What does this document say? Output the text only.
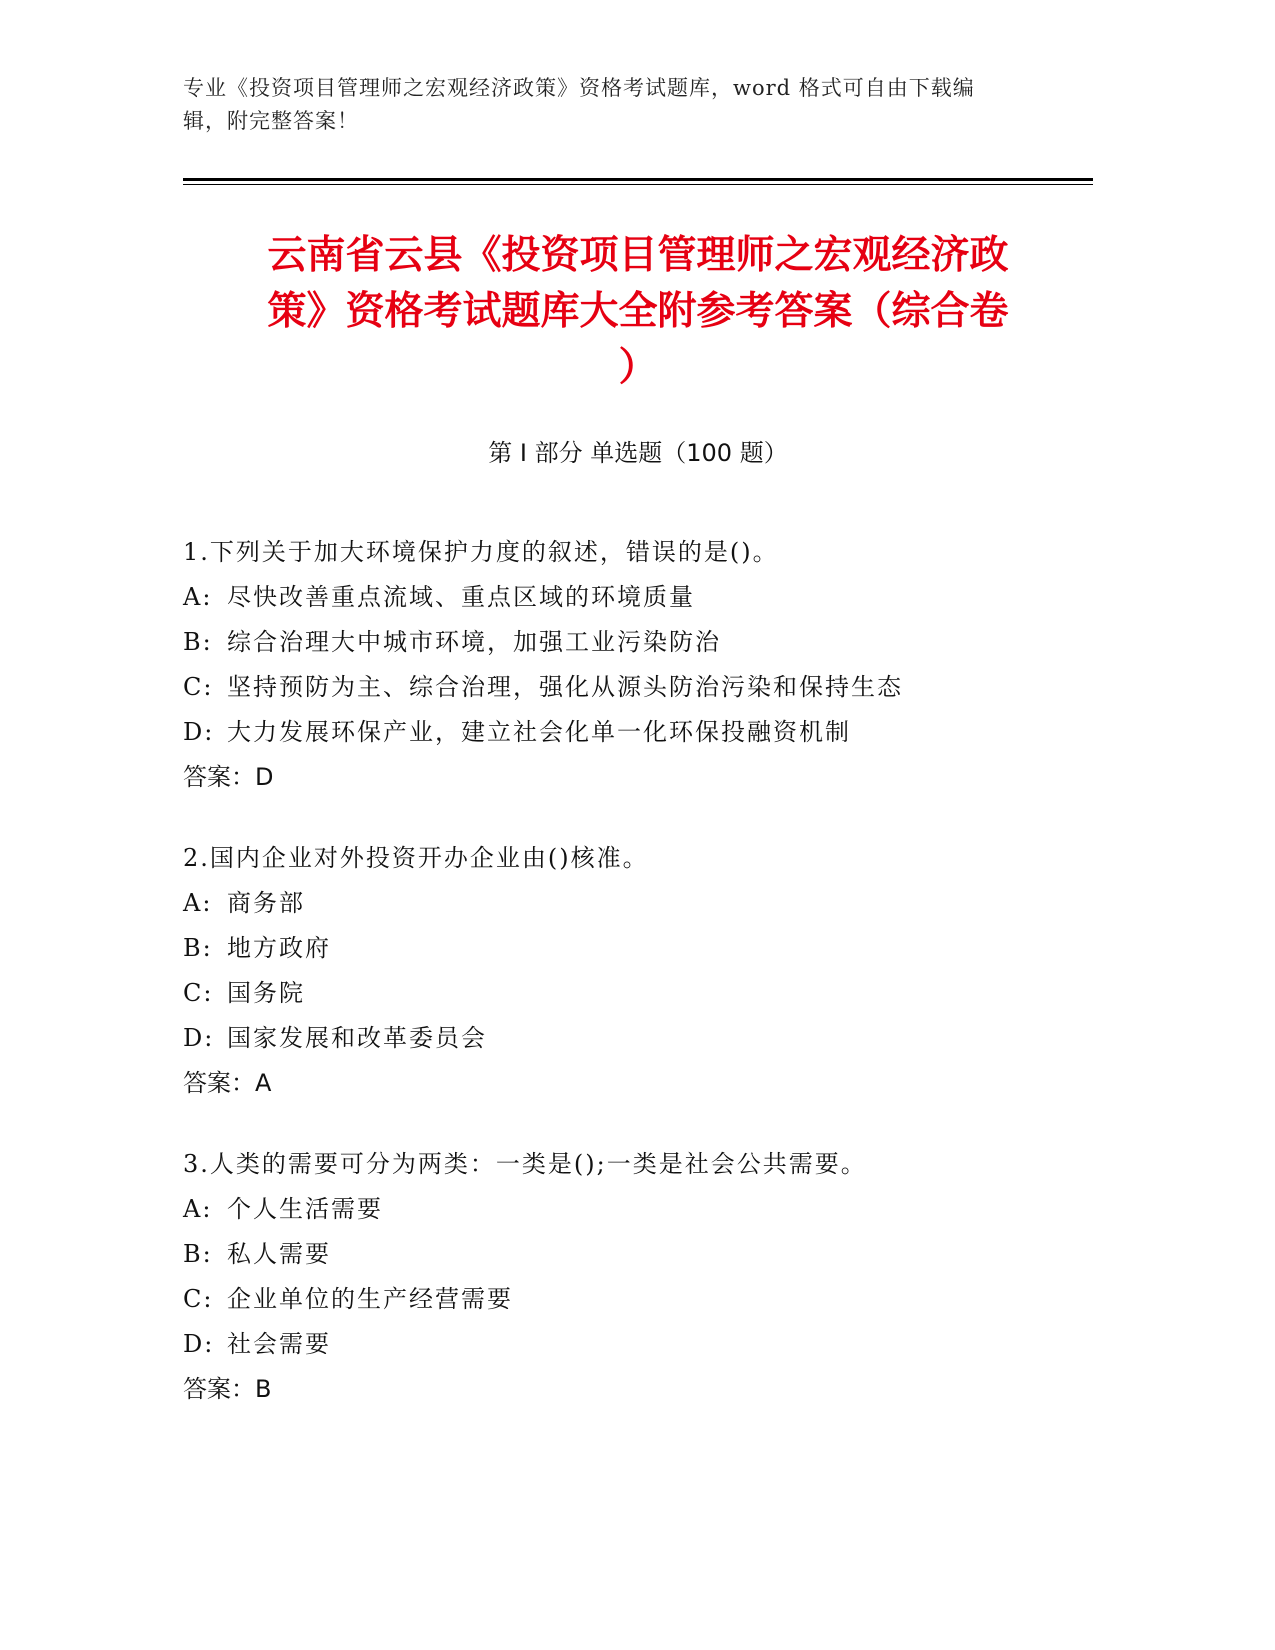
专业《投资项目管理师之宏观经济政策》资格考试题库，word 格式可自由下载编
辑，附完整答案！
云南省云县《投资项目管理师之宏观经济政
策》资格考试题库大全附参考答案（综合卷
）
第 I 部分 单选题（100 题）
1.下列关于加大环境保护力度的叙述，错误的是()。
A: 尽快改善重点流域、重点区域的环境质量
B: 综合治理大中城市环境，加强工业污染防治
C: 坚持预防为主、综合治理，强化从源头防治污染和保持生态
D: 大力发展环保产业，建立社会化单一化环保投融资机制
答案：D
2.国内企业对外投资开办企业由()核准。
A: 商务部
B: 地方政府
C: 国务院
D: 国家发展和改革委员会
答案：A
3.人类的需要可分为两类：一类是();一类是社会公共需要。
A: 个人生活需要
B: 私人需要
C: 企业单位的生产经营需要
D: 社会需要
答案：B
